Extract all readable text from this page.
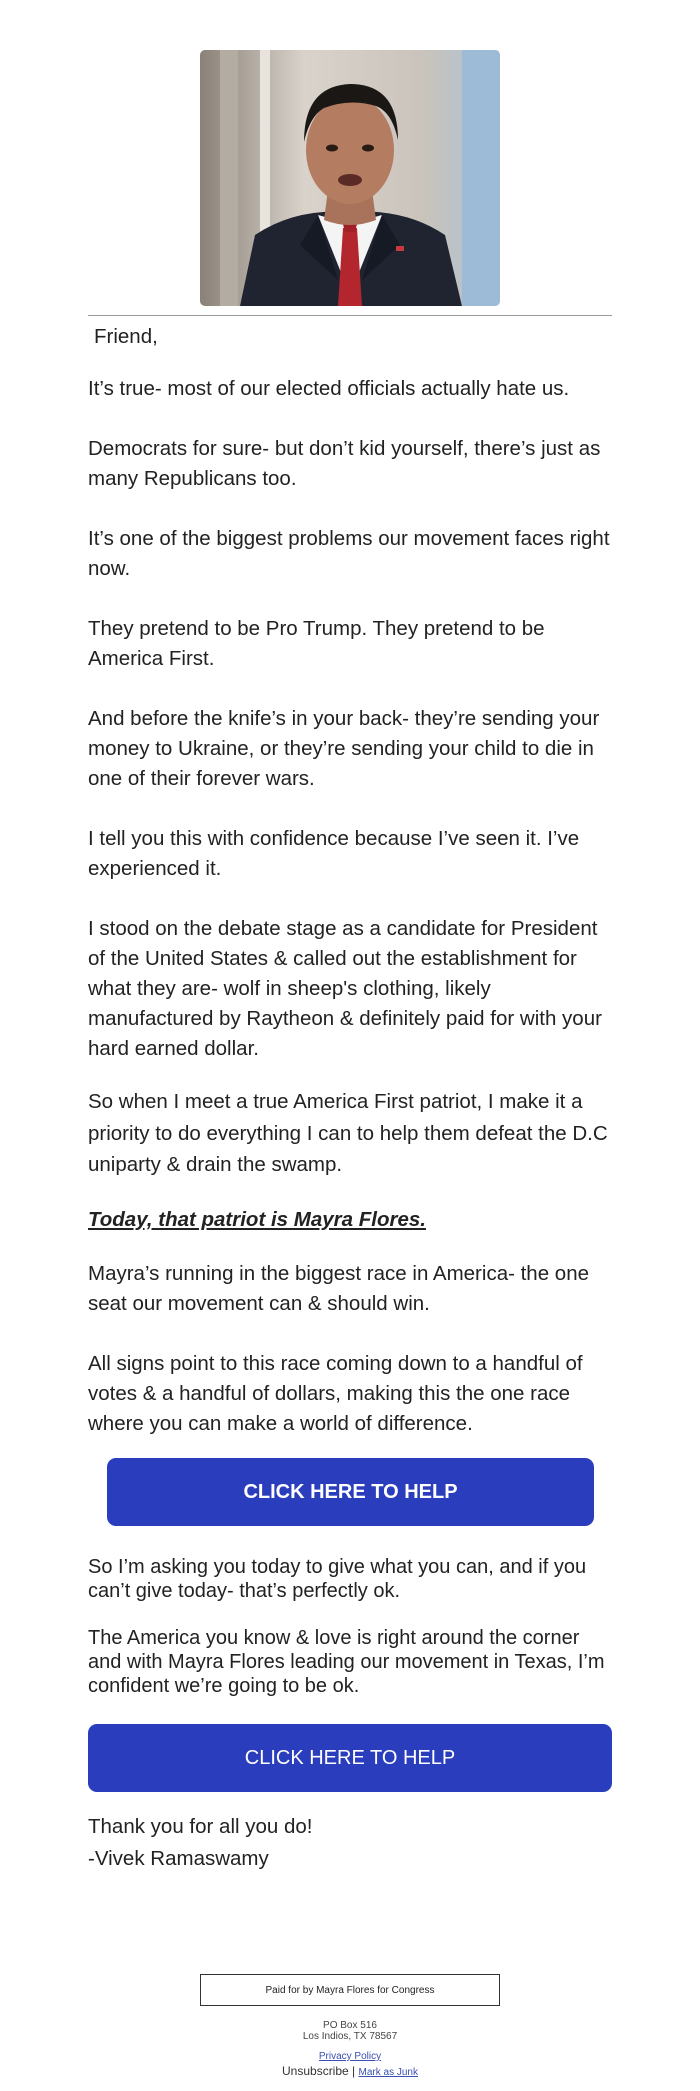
Friend,

It’s true- most of our elected officials actually hate us.

Democrats for sure- but don’t kid yourself, there’s just as many Republicans too.

It’s one of the biggest problems our movement faces right now.

They pretend to be Pro Trump. They pretend to be America First.

And before the knife’s in your back- they’re sending your money to Ukraine, or they’re sending your child to die in one of their forever wars.

I tell you this with confidence because I’ve seen it. I’ve experienced it.

I stood on the debate stage as a candidate for President of the United States & called out the establishment for what they are- wolf in sheep's clothing, likely manufactured by Raytheon & definitely paid for with your hard earned dollar.

So when I meet a true America First patriot, I make it a priority to do everything I can to help them defeat the D.C uniparty & drain the swamp.

Today, that patriot is Mayra Flores.

Mayra’s running in the biggest race in America- the one seat our movement can & should win.

All signs point to this race coming down to a handful of votes & a handful of dollars, making this the one race where you can make a world of difference.

CLICK HERE TO HELP

So I’m asking you today to give what you can, and if you can’t give today- that’s perfectly ok.

The America you know & love is right around the corner and with Mayra Flores leading our movement in Texas, I’m confident we’re going to be ok.

CLICK HERE TO HELP
Thank you for all you do!
-Vivek Ramaswamy
Paid for by Mayra Flores for Congress
PO Box 516
Los Indios, TX 78567
Privacy Policy
Unsubscribe | Mark as Junk
